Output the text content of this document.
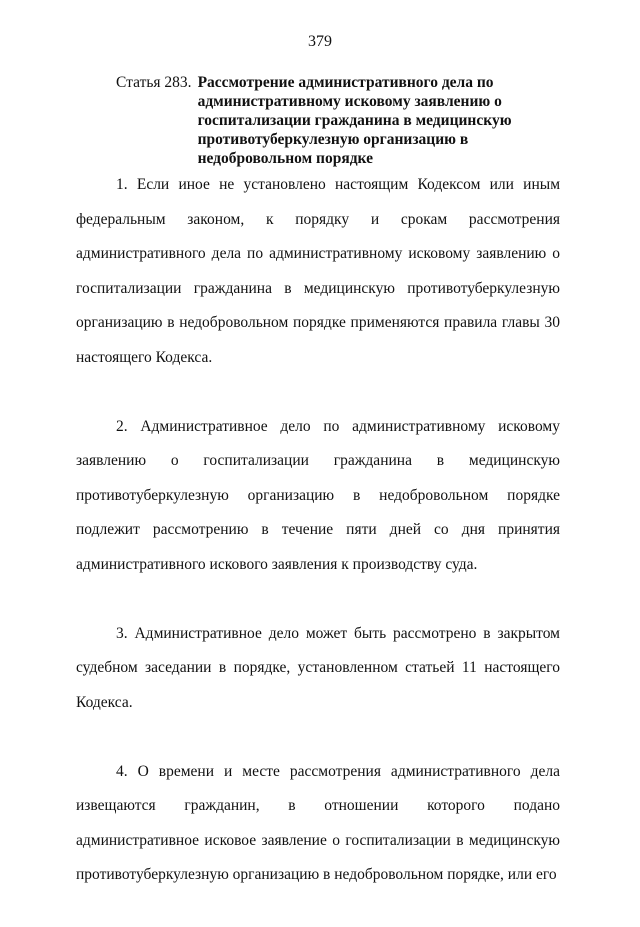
379
Статья 283. Рассмотрение административного дела по административному исковому заявлению о госпитализации гражданина в медицинскую противотуберкулезную организацию в недобровольном порядке

1. Если иное не установлено настоящим Кодексом или иным федеральным законом, к порядку и срокам рассмотрения административного дела по административному исковому заявлению о госпитализации гражданина в медицинскую противотуберкулезную организацию в недобровольном порядке применяются правила главы 30 настоящего Кодекса.

2. Административное дело по административному исковому заявлению о госпитализации гражданина в медицинскую противотуберкулезную организацию в недобровольном порядке подлежит рассмотрению в течение пяти дней со дня принятия административного искового заявления к производству суда.

3. Административное дело может быть рассмотрено в закрытом судебном заседании в порядке, установленном статьей 11 настоящего Кодекса.

4. О времени и месте рассмотрения административного дела извещаются гражданин, в отношении которого подано административное исковое заявление о госпитализации в медицинскую противотуберкулезную организацию в недобровольном порядке, или его
